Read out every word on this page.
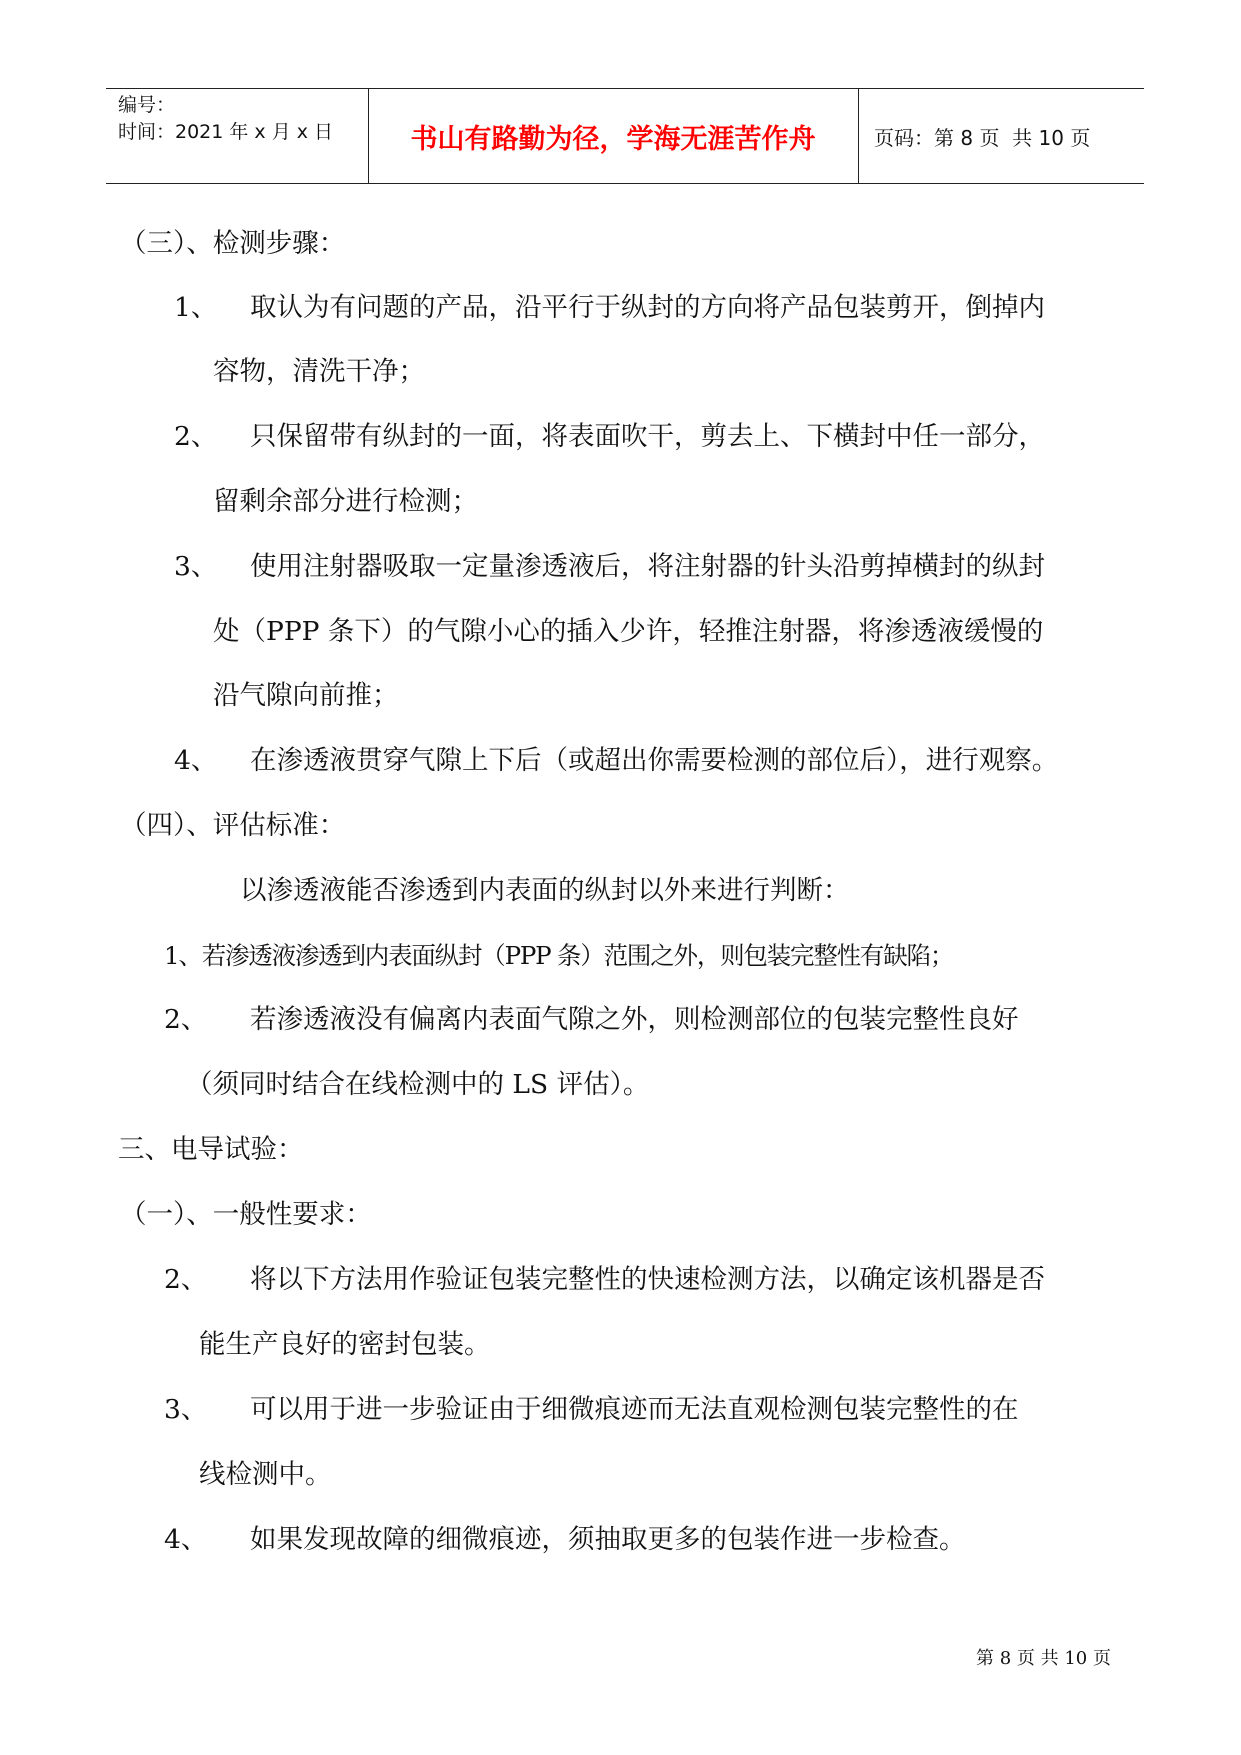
编号：
时间：2021 年 x 月 x 日	书山有路勤为径，学海无涯苦作舟	页码：第 8 页  共 10 页
（三）、检测步骤：
1、 取认为有问题的产品，沿平行于纵封的方向将产品包装剪开，倒掉内
容物，清洗干净；
2、 只保留带有纵封的一面，将表面吹干，剪去上、下横封中任一部分，
留剩余部分进行检测；
3、 使用注射器吸取一定量渗透液后，将注射器的针头沿剪掉横封的纵封
处（PPP 条下）的气隙小心的插入少许，轻推注射器，将渗透液缓慢的
沿气隙向前推；
4、 在渗透液贯穿气隙上下后（或超出你需要检测的部位后），进行观察。
（四）、评估标准：
以渗透液能否渗透到内表面的纵封以外来进行判断：
1、若渗透液渗透到内表面纵封（PPP 条）范围之外，则包装完整性有缺陷；
2、 若渗透液没有偏离内表面气隙之外，则检测部位的包装完整性良好
（须同时结合在线检测中的 LS 评估）。
三、电导试验：
（一）、一般性要求：
2、 将以下方法用作验证包装完整性的快速检测方法，以确定该机器是否
能生产良好的密封包装。
3、 可以用于进一步验证由于细微痕迹而无法直观检测包装完整性的在
线检测中。
4、 如果发现故障的细微痕迹，须抽取更多的包装作进一步检查。
第 8 页 共 10 页
